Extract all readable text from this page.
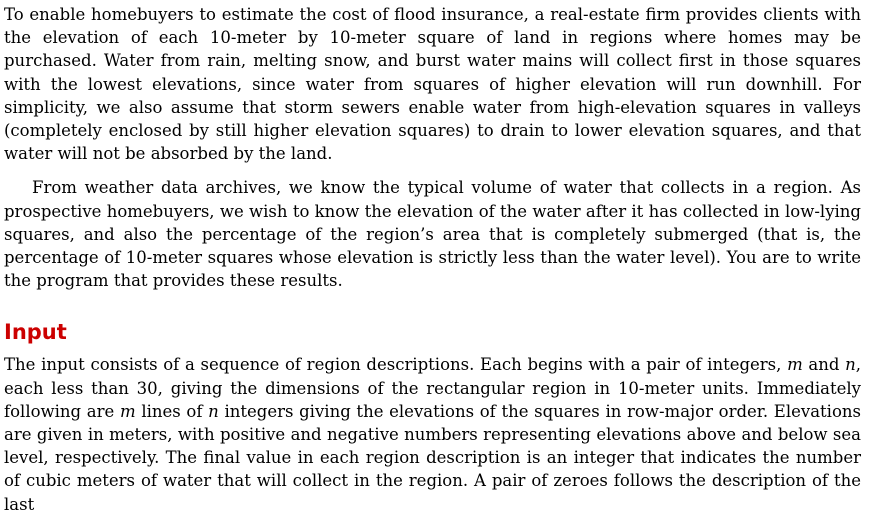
To enable homebuyers to estimate the cost of flood insurance, a real-estate firm provides clients with the elevation of each 10-meter by 10-meter square of land in regions where homes may be purchased. Water from rain, melting snow, and burst water mains will collect first in those squares with the lowest elevations, since water from squares of higher elevation will run downhill. For simplicity, we also assume that storm sewers enable water from high-elevation squares in valleys (completely enclosed by still higher elevation squares) to drain to lower elevation squares, and that water will not be absorbed by the land.

From weather data archives, we know the typical volume of water that collects in a region. As prospective homebuyers, we wish to know the elevation of the water after it has collected in low-lying squares, and also the percentage of the region’s area that is completely submerged (that is, the percentage of 10-meter squares whose elevation is strictly less than the water level). You are to write the program that provides these results.

Input

The input consists of a sequence of region descriptions. Each begins with a pair of integers, m and n, each less than 30, giving the dimensions of the rectangular region in 10-meter units. Immediately following are m lines of n integers giving the elevations of the squares in row-major order. Elevations are given in meters, with positive and negative numbers representing elevations above and below sea level, respectively. The final value in each region description is an integer that indicates the number of cubic meters of water that will collect in the region. A pair of zeroes follows the description of the last
